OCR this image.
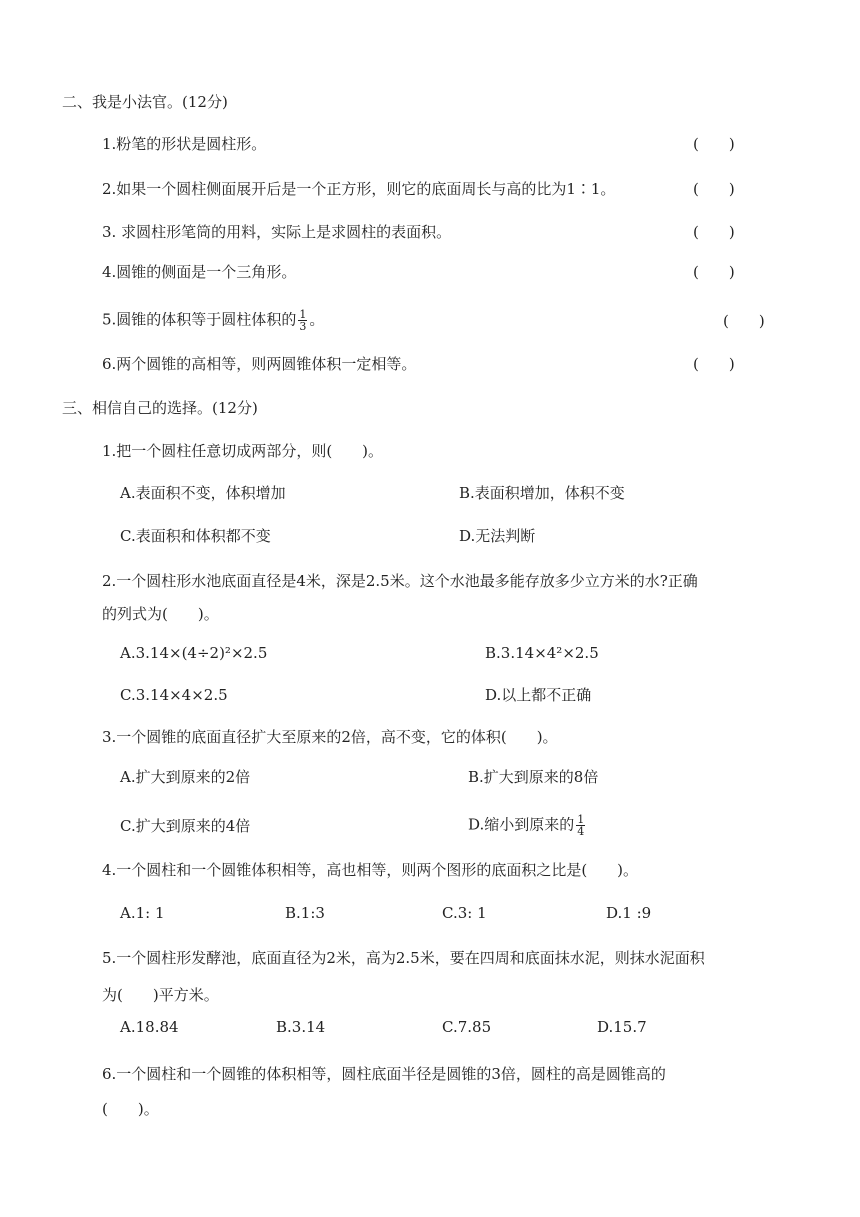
二、我是小法官。(12分)
1.粉笔的形状是圆柱形。	(　　)
2.如果一个圆柱侧面展开后是一个正方形，则它的底面周长与高的比为1∶1。	(　　)
3. 求圆柱形笔筒的用料，实际上是求圆柱的表面积。	(　　)
4.圆锥的侧面是一个三角形。	(　　)
5.圆锥的体积等于圆柱体积的 $\frac{1}{3}$ 。	(　　)
6.两个圆锥的高相等，则两圆锥体积一定相等。	(　　)
三、相信自己的选择。(12分)
1.把一个圆柱任意切成两部分，则(　　)。
A.表面积不变，体积增加	B.表面积增加，体积不变
C.表面积和体积都不变	D.无法判断
2.一个圆柱形水池底面直径是4米，深是2.5米。这个水池最多能存放多少立方米的水?正确
的列式为(　　)。
A.3.14×(4÷2)²×2.5	B.3.14×4²×2.5
C.3.14×4×2.5	D.以上都不正确
3.一个圆锥的底面直径扩大至原来的2倍，高不变，它的体积(　　)。
A.扩大到原来的2倍	B.扩大到原来的8倍
C.扩大到原来的4倍	D.缩小到原来的 $\frac{1}{4}$
4.一个圆柱和一个圆锥体积相等，高也相等，则两个图形的底面积之比是(　　)。
A.1: 1	B.1:3	C.3: 1	D.1 :9
5.一个圆柱形发酵池，底面直径为2米，高为2.5米，要在四周和底面抹水泥，则抹水泥面积
为(　　)平方米。
A.18.84	B.3.14	C.7.85	D.15.7
6.一个圆柱和一个圆锥的体积相等，圆柱底面半径是圆锥的3倍，圆柱的高是圆锥高的
(　　)。
